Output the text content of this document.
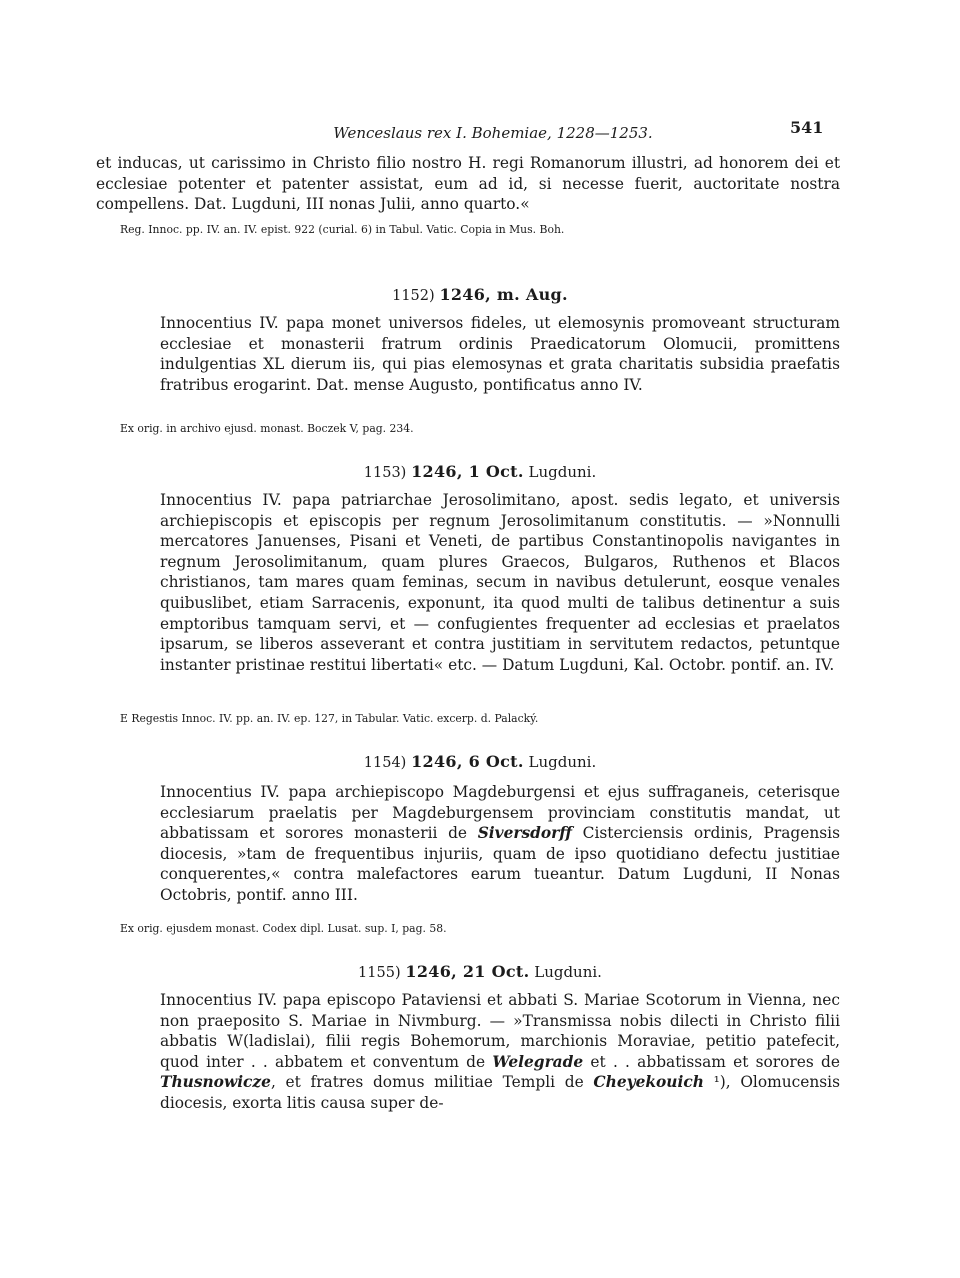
Wenceslaus rex I. Bohemiae, 1228—1253.	541

et inducas, ut carissimo in Christo filio nostro H. regi Romanorum illustri, ad honorem dei et ecclesiae potenter et patenter assistat, eum ad id, si necesse fuerit, auctoritate nostra compellens. Dat. Lugduni, III nonas Julii, anno quarto.«

Reg. Innoc. pp. IV. an. IV. epist. 922 (curial. 6) in Tabul. Vatic. Copia in Mus. Boh.

1152) 1246, m. Aug.

Innocentius IV. papa monet universos fideles, ut elemosynis promoveant structuram ecclesiae et monasterii fratrum ordinis Praedicatorum Olomucii, promittens indulgentias XL dierum iis, qui pias elemosynas et grata charitatis subsidia praefatis fratribus erogarint. Dat. mense Augusto, pontificatus anno IV.

Ex orig. in archivo ejusd. monast. Boczek V, pag. 234.

1153) 1246, 1 Oct. Lugduni.

Innocentius IV. papa patriarchae Jerosolimitano, apost. sedis legato, et universis archiepiscopis et episcopis per regnum Jerosolimitanum constitutis. — »Nonnulli mercatores Januenses, Pisani et Veneti, de partibus Constantinopolis navigantes in regnum Jerosolimitanum, quam plures Graecos, Bulgaros, Ruthenos et Blacos christianos, tam mares quam feminas, secum in navibus detulerunt, eosque venales quibuslibet, etiam Sarracenis, exponunt, ita quod multi de talibus detinentur a suis emptoribus tamquam servi, et — confugientes frequenter ad ecclesias et praelatos ipsarum, se liberos asseverant et contra justitiam in servitutem redactos, petuntque instanter pristinae restitui libertati« etc. — Datum Lugduni, Kal. Octobr. pontif. an. IV.

E Regestis Innoc. IV. pp. an. IV. ep. 127, in Tabular. Vatic. excerp. d. Palacký.

1154) 1246, 6 Oct. Lugduni.

Innocentius IV. papa archiepiscopo Magdeburgensi et ejus suffraganeis, ceterisque ecclesiarum praelatis per Magdeburgensem provinciam constitutis mandat, ut abbatissam et sorores monasterii de Siversdorff Cisterciensis ordinis, Pragensis diocesis, »tam de frequentibus injuriis, quam de ipso quotidiano defectu justitiae conquerentes,« contra malefactores earum tueantur. Datum Lugduni, II Nonas Octobris, pontif. anno III.

Ex orig. ejusdem monast. Codex dipl. Lusat. sup. I, pag. 58.

1155) 1246, 21 Oct. Lugduni.

Innocentius IV. papa episcopo Pataviensi et abbati S. Mariae Scotorum in Vienna, nec non praeposito S. Mariae in Nivmburg. — »Transmissa nobis dilecti in Christo filii abbatis W(ladislai), filii regis Bohemorum, marchionis Moraviae, petitio patefecit, quod inter . . abbatem et conventum de Welegrade et . . abbatissam et sorores de Thusnowicze, et fratres domus militiae Templi de Cheyekouich ¹), Olomucensis diocesis, exorta litis causa super de-
